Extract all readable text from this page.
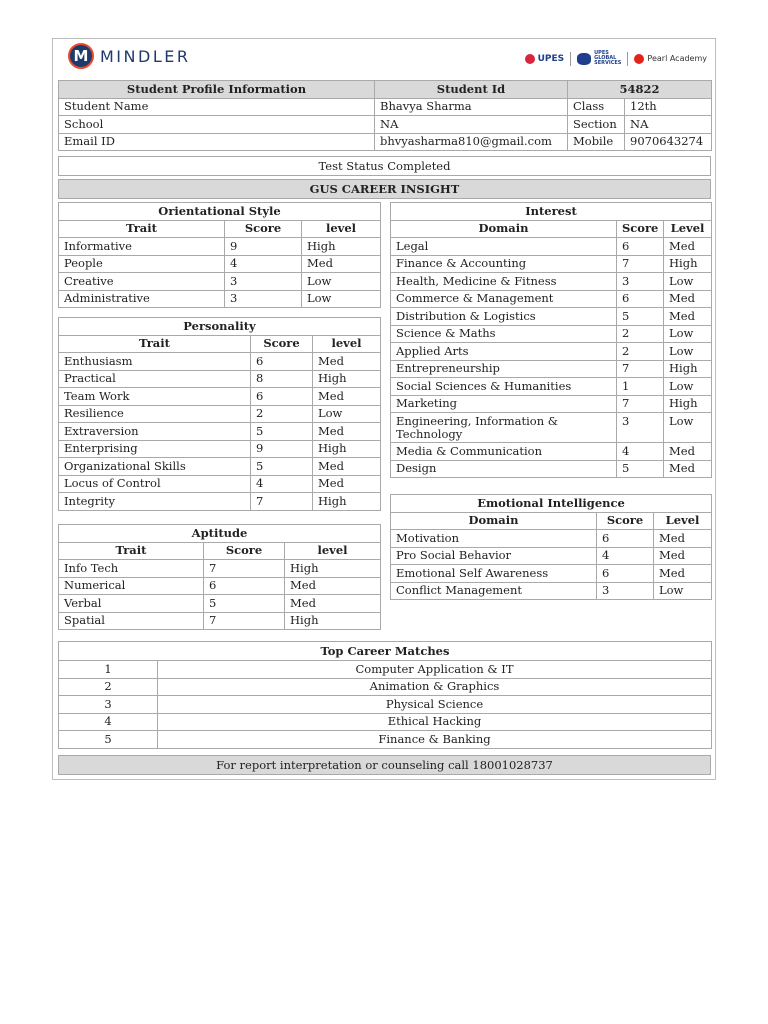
M MINDLER	UPES
UPES
GLOBAL
SERVICES	Pearl Academy
Student Profile Information	Student Id	54822	
Student Name	Bhavya Sharma	Class	12th
School	NA	Section	NA
Email ID	bhvyasharma810@gmail.com	Mobile	9070643274
Test Status Completed
GUS CAREER INSIGHT
Orientational Style		
Trait	Score	level
Informative	9	High
People	4	Med
Creative	3	Low
Administrative	3	Low
Personality		
Trait	Score	level
Enthusiasm	6	Med
Practical	8	High
Team Work	6	Med
Resilience	2	Low
Extraversion	5	Med
Enterprising	9	High
Organizational Skills	5	Med
Locus of Control	4	Med
Integrity	7	High
Aptitude		
Trait	Score	level
Info Tech	7	High
Numerical	6	Med
Verbal	5	Med
Spatial	7	High
Interest		
Domain	Score	Level
Legal	6	Med
Finance & Accounting	7	High
Health, Medicine & Fitness	3	Low
Commerce & Management	6	Med
Distribution & Logistics	5	Med
Science & Maths	2	Low
Applied Arts	2	Low
Entrepreneurship	7	High
Social Sciences & Humanities	1	Low
Marketing	7	High
Engineering, Information & Technology	3	Low
Media & Communication	4	Med
Design	5	Med
Emotional Intelligence		
Domain	Score	Level
Motivation	6	Med
Pro Social Behavior	4	Med
Emotional Self Awareness	6	Med
Conflict Management	3	Low
Top Career Matches	
1	Computer Application & IT
2	Animation & Graphics
3	Physical Science
4	Ethical Hacking
5	Finance & Banking
For report interpretation or counseling call 18001028737
